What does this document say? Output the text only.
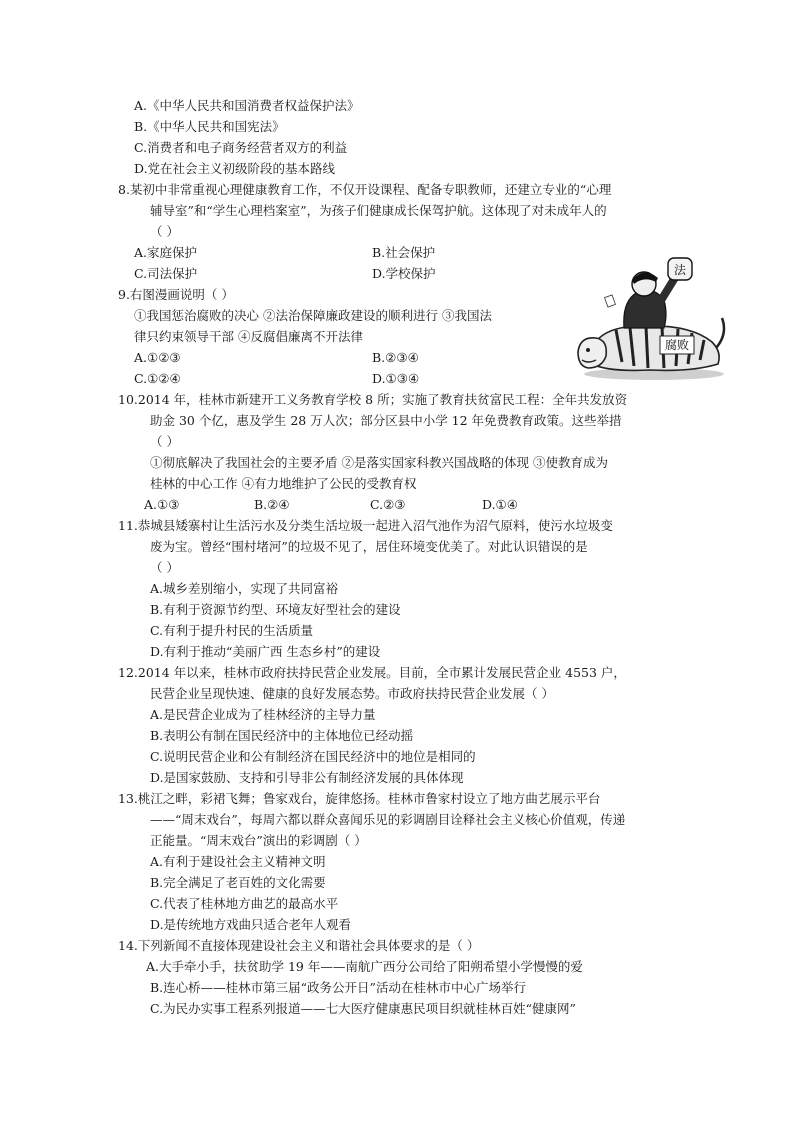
A.《中华人民共和国消费者权益保护法》
B.《中华人民共和国宪法》
C.消费者和电子商务经营者双方的利益
D.党在社会主义初级阶段的基本路线
8.某初中非常重视心理健康教育工作，不仅开设课程、配备专职教师，还建立专业的“心理
辅导室”和“学生心理档案室”，为孩子们健康成长保驾护航。这体现了对未成年人的
（ ）
A.家庭保护	B.社会保护
C.司法保护	D.学校保护
9.右图漫画说明（ ）
①我国惩治腐败的决心 ②法治保障廉政建设的顺利进行 ③我国法
律只约束领导干部 ④反腐倡廉离不开法律
A.①②③	B.②③④
C.①②④	D.①③④
腐败
法
10.2014 年，桂林市新建开工义务教育学校 8 所；实施了教育扶贫富民工程：全年共发放资
助金 30 个亿，惠及学生 28 万人次；部分区县中小学 12 年免费教育政策。这些举措
（ ）
①彻底解决了我国社会的主要矛盾 ②是落实国家科教兴国战略的体现 ③使教育成为
桂林的中心工作 ④有力地维护了公民的受教育权
A.①③	B.②④	C.②③	D.①④
11.恭城县矮寨村让生活污水及分类生活垃圾一起进入沼气池作为沼气原料，使污水垃圾变
废为宝。曾经“围村堵河”的垃圾不见了，居住环境变优美了。对此认识错误的是
（ ）
A.城乡差别缩小，实现了共同富裕
B.有利于资源节约型、环境友好型社会的建设
C.有利于提升村民的生活质量
D.有利于推动“美丽广西 生态乡村”的建设
12.2014 年以来，桂林市政府扶持民营企业发展。目前，全市累计发展民营企业 4553 户，
民营企业呈现快速、健康的良好发展态势。市政府扶持民营企业发展（ ）
A.是民营企业成为了桂林经济的主导力量
B.表明公有制在国民经济中的主体地位已经动摇
C.说明民营企业和公有制经济在国民经济中的地位是相同的
D.是国家鼓励、支持和引导非公有制经济发展的具体体现
13.桃江之畔，彩裙飞舞；鲁家戏台，旋律悠扬。桂林市鲁家村设立了地方曲艺展示平台
——“周末戏台”，每周六都以群众喜闻乐见的彩调剧目诠释社会主义核心价值观，传递
正能量。“周末戏台”演出的彩调剧（ ）
A.有利于建设社会主义精神文明
B.完全满足了老百姓的文化需要
C.代表了桂林地方曲艺的最高水平
D.是传统地方戏曲只适合老年人观看
14.下列新闻不直接体现建设社会主义和谐社会具体要求的是（ ）
A.大手牵小手，扶贫助学 19 年——南航广西分公司给了阳朔希望小学慢慢的爱
B.连心桥——桂林市第三届“政务公开日”活动在桂林市中心广场举行
C.为民办实事工程系列报道——七大医疗健康惠民项目织就桂林百姓“健康网”
